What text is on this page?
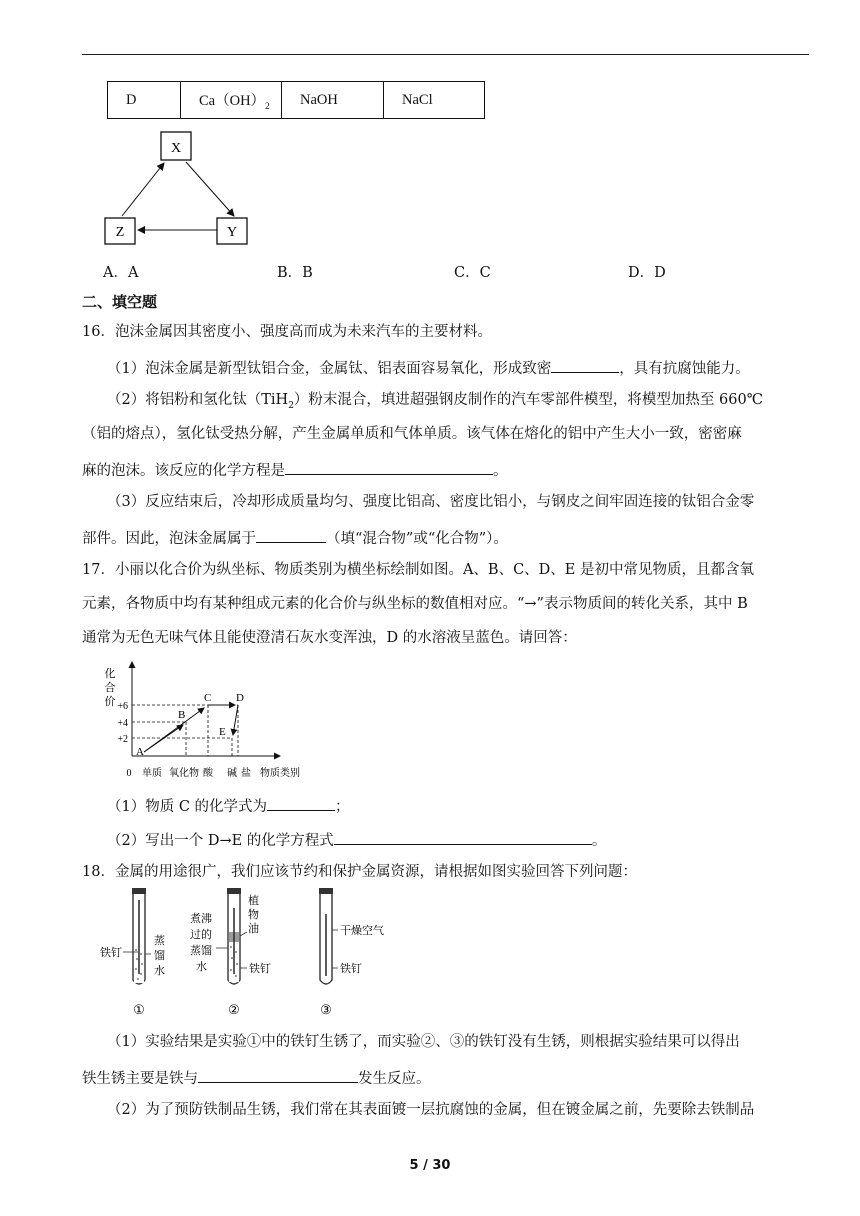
D	$Ca(OH)_2$	NaOH	NaCl
X
Z	Y
A．A	B．B	C．C	D．D
二、填空题
16．泡沫金属因其密度小、强度高而成为未来汽车的主要材料。
（1）泡沫金属是新型钛铝合金，金属钛、铝表面容易氧化，形成致密	，具有抗腐蚀能力。
（2）将铝粉和氢化钛（TiH$_2$）粉末混合，填进超强钢皮制作的汽车零部件模型，将模型加热至 660℃
（铝的熔点），氢化钛受热分解，产生金属单质和气体单质。该气体在熔化的铝中产生大小一致，密密麻
麻的泡沫。该反应的化学方程是	。
（3）反应结束后，冷却形成质量均匀、强度比铝高、密度比铝小，与钢皮之间牢固连接的钛铝合金零
部件。因此，泡沫金属属于	（填“混合物”或“化合物”）。
17．小丽以化合价为纵坐标、物质类别为横坐标绘制如图。A、B、C、D、E 是初中常见物质，且都含氧
元素，各物质中均有某种组成元素的化合价与纵坐标的数值相对应。“→”表示物质间的转化关系，其中 B
通常为无色无味气体且能使澄清石灰水变浑浊，D 的水溶液呈蓝色。请回答：
化
合
价 +6
+4
+2
A
B
C D
E
0 单质 氧化物 酸 碱 盐 物质类别
（1）物质 C 的化学式为	；
（2）写出一个 D→E 的化学方程式	。
18．金属的用途很广，我们应该节约和保护金属资源，请根据如图实验回答下列问题：
铁钉
蒸
馏
水
①
煮沸
过的
蒸馏
水
植
物
油
铁钉
②
干燥空气
铁钉
③
（1）实验结果是实验①中的铁钉生锈了，而实验②、③的铁钉没有生锈，则根据实验结果可以得出
铁生锈主要是铁与	发生反应。
（2）为了预防铁制品生锈，我们常在其表面镀一层抗腐蚀的金属，但在镀金属之前，先要除去铁制品
5 / 30
